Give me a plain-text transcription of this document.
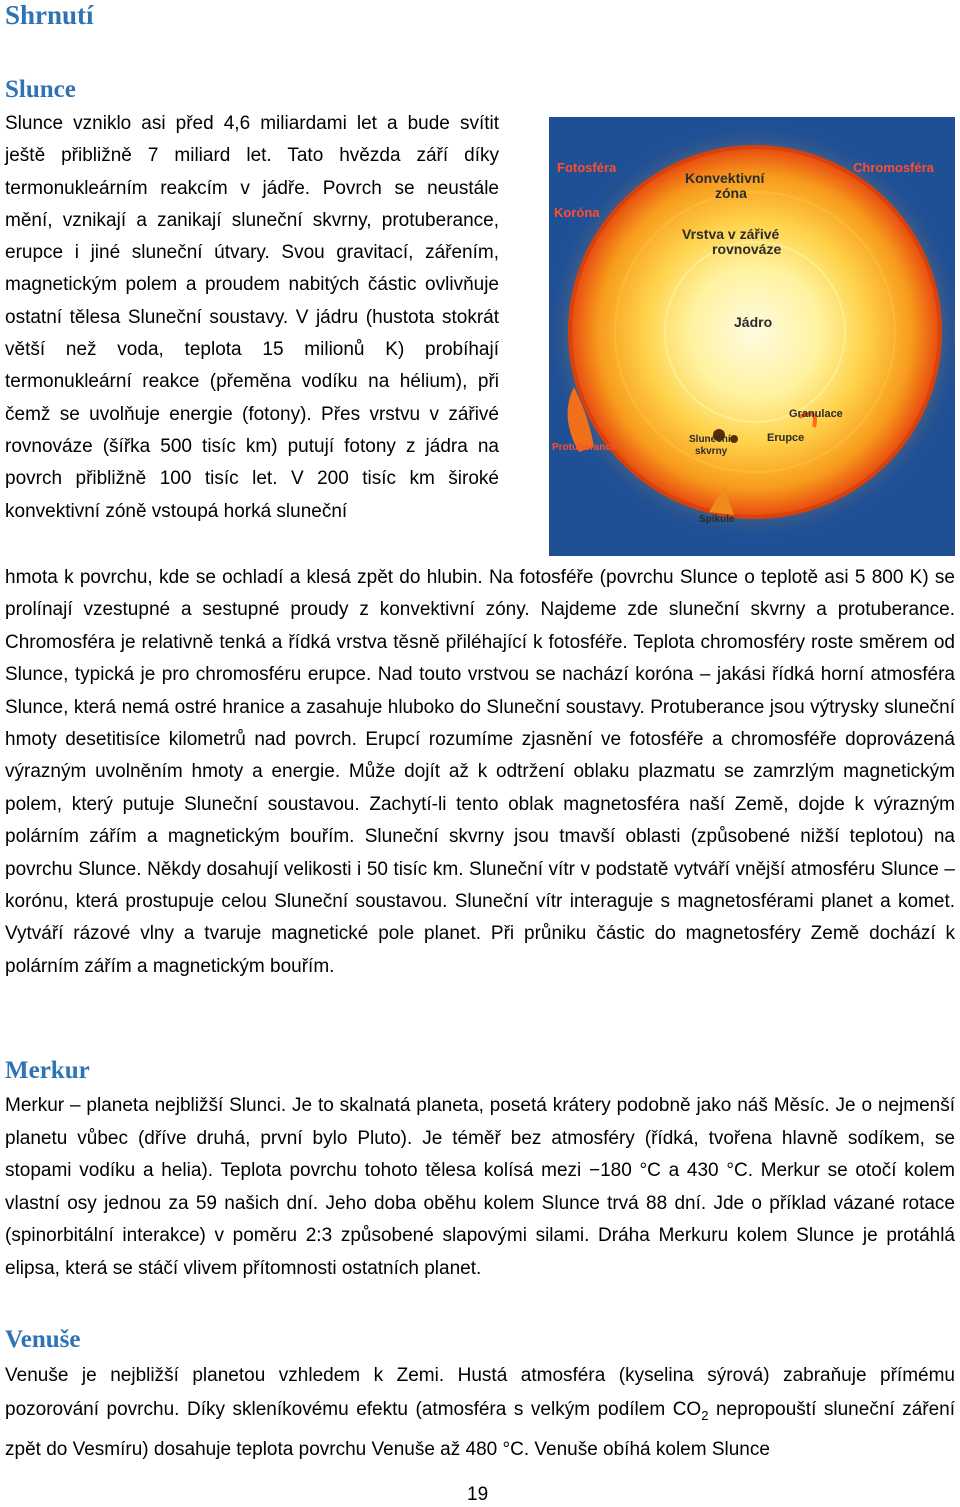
Shrnutí
Slunce
Slunce vzniklo asi před 4,6 miliardami let a bude svítit ještě přibližně 7 miliard let. Tato hvězda září díky termonukleárním reakcím v jádře. Povrch se neustále mění, vznikají a zanikají sluneční skvrny, protuberance, erupce i jiné sluneční útvary. Svou gravitací, zářením, magnetickým polem a proudem nabitých částic ovlivňuje ostatní tělesa Sluneční soustavy. V jádru (hustota stokrát větší než voda, teplota 15 milionů K) probíhají termonukleární reakce (přeměna vodíku na hélium), při čemž se uvolňuje energie (fotony). Přes vrstvu v zářivé rovnováze (šířka 500 tisíc km) putují fotony z jádra na povrch přibližně 100 tisíc let. V 200 tisíc km široké konvektivní zóně vstoupá horká sluneční
Fotosféra
Konvektivní
zóna
Chromosféra
Koróna
Vrstva v zářivé
rovnováze
Jádro
Granulace
Protuberance
Sluneční
skvrny
Erupce
Spikule
hmota k povrchu, kde se ochladí a klesá zpět do hlubin. Na fotosféře (povrchu Slunce o teplotě asi 5 800 K) se prolínají vzestupné a sestupné proudy z konvektivní zóny. Najdeme zde sluneční skvrny a protuberance. Chromosféra je relativně tenká a řídká vrstva těsně přiléhající k fotosféře. Teplota chromosféry roste směrem od Slunce, typická je pro chromosféru erupce. Nad touto vrstvou se nachází koróna – jakási řídká horní atmosféra Slunce, která nemá ostré hranice a zasahuje hluboko do Sluneční soustavy. Protuberance jsou výtrysky sluneční hmoty desetitisíce kilometrů nad povrch. Erupcí rozumíme zjasnění ve fotosféře a chromosféře doprovázená výrazným uvolněním hmoty a energie. Může dojít až k odtržení oblaku plazmatu se zamrzlým magnetickým polem, který putuje Sluneční soustavou. Zachytí-li tento oblak magnetosféra naší Země, dojde k výrazným polárním zářím a magnetickým bouřím. Sluneční skvrny jsou tmavší oblasti (způsobené nižší teplotou) na povrchu Slunce. Někdy dosahují velikosti i 50 tisíc km. Sluneční vítr v podstatě vytváří vnější atmosféru Slunce – korónu, která prostupuje celou Sluneční soustavou. Sluneční vítr interaguje s magnetosférami planet a komet. Vytváří rázové vlny a tvaruje magnetické pole planet. Při průniku částic do magnetosféry Země dochází k polárním zářím a magnetickým bouřím.
Merkur
Merkur – planeta nejbližší Slunci. Je to skalnatá planeta, posetá krátery podobně jako náš Měsíc. Je o nejmenší planetu vůbec (dříve druhá, první bylo Pluto). Je téměř bez atmosféry (řídká, tvořena hlavně sodíkem, se stopami vodíku a helia). Teplota povrchu tohoto tělesa kolísá mezi −180 °C a 430 °C. Merkur se otočí kolem vlastní osy jednou za 59 našich dní. Jeho doba oběhu kolem Slunce trvá 88 dní. Jde o příklad vázané rotace (spinorbitální interakce) v poměru 2:3 způsobené slapovými silami. Dráha Merkuru kolem Slunce je protáhlá elipsa, která se stáčí vlivem přítomnosti ostatních planet.
Venuše
Venuše je nejbližší planetou vzhledem k Zemi. Hustá atmosféra (kyselina sýrová) zabraňuje přímému pozorování povrchu. Díky skleníkovému efektu (atmosféra s velkým podílem $CO_2$ nepropouští sluneční záření zpět do Vesmíru) dosahuje teplota povrchu Venuše až 480 °C. Venuše obíhá kolem Slunce
19
